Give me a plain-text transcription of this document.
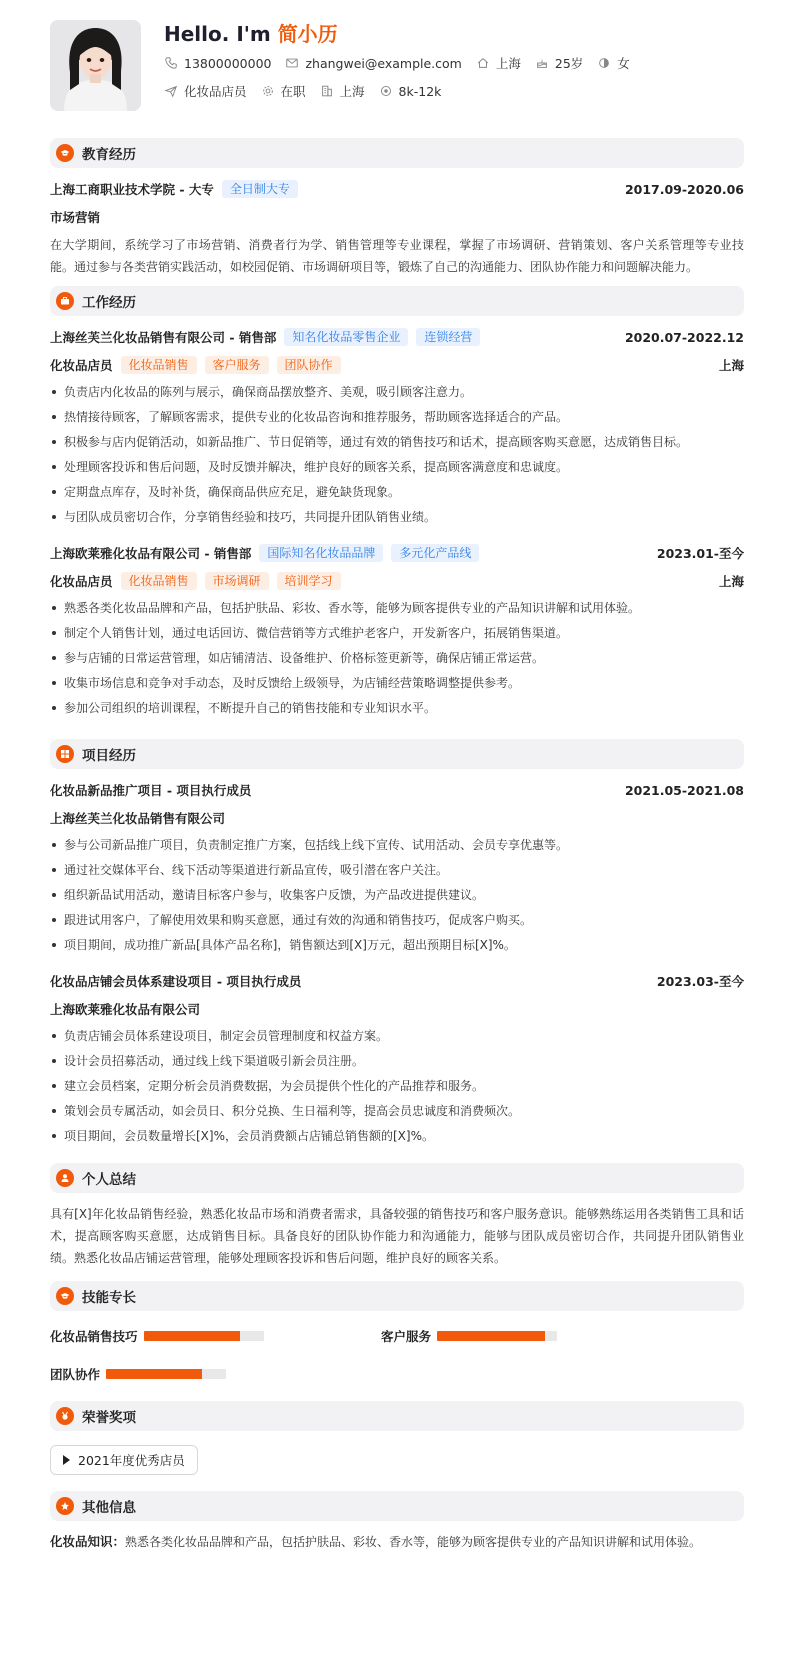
Hello. I'm 简小历
13800000000	zhangwei@example.com	上海	25岁	女
化妆品店员	在职	上海	8k-12k
教育经历
上海工商职业技术学院 - 大专	全日制大专	2017.09-2020.06
市场营销
在大学期间，系统学习了市场营销、消费者行为学、销售管理等专业课程，掌握了市场调研、营销策划、客户关系管理等专业技能。通过参与各类营销实践活动，如校园促销、市场调研项目等，锻炼了自己的沟通能力、团队协作能力和问题解决能力。
工作经历
上海丝芙兰化妆品销售有限公司 - 销售部	知名化妆品零售企业	连锁经营	2020.07-2022.12
化妆品店员	化妆品销售	客户服务	团队协作	上海
负责店内化妆品的陈列与展示，确保商品摆放整齐、美观，吸引顾客注意力。
热情接待顾客，了解顾客需求，提供专业的化妆品咨询和推荐服务，帮助顾客选择适合的产品。
积极参与店内促销活动，如新品推广、节日促销等，通过有效的销售技巧和话术，提高顾客购买意愿，达成销售目标。
处理顾客投诉和售后问题，及时反馈并解决，维护良好的顾客关系，提高顾客满意度和忠诚度。
定期盘点库存，及时补货，确保商品供应充足，避免缺货现象。
与团队成员密切合作，分享销售经验和技巧，共同提升团队销售业绩。
上海欧莱雅化妆品有限公司 - 销售部	国际知名化妆品品牌	多元化产品线	2023.01-至今
化妆品店员	化妆品销售	市场调研	培训学习	上海
熟悉各类化妆品品牌和产品，包括护肤品、彩妆、香水等，能够为顾客提供专业的产品知识讲解和试用体验。
制定个人销售计划，通过电话回访、微信营销等方式维护老客户，开发新客户，拓展销售渠道。
参与店铺的日常运营管理，如店铺清洁、设备维护、价格标签更新等，确保店铺正常运营。
收集市场信息和竞争对手动态，及时反馈给上级领导，为店铺经营策略调整提供参考。
参加公司组织的培训课程，不断提升自己的销售技能和专业知识水平。
项目经历
化妆品新品推广项目 - 项目执行成员	2021.05-2021.08
上海丝芙兰化妆品销售有限公司
参与公司新品推广项目，负责制定推广方案，包括线上线下宣传、试用活动、会员专享优惠等。
通过社交媒体平台、线下活动等渠道进行新品宣传，吸引潜在客户关注。
组织新品试用活动，邀请目标客户参与，收集客户反馈，为产品改进提供建议。
跟进试用客户，了解使用效果和购买意愿，通过有效的沟通和销售技巧，促成客户购买。
项目期间，成功推广新品[具体产品名称]，销售额达到[X]万元，超出预期目标[X]%。
化妆品店铺会员体系建设项目 - 项目执行成员	2023.03-至今
上海欧莱雅化妆品有限公司
负责店铺会员体系建设项目，制定会员管理制度和权益方案。
设计会员招募活动，通过线上线下渠道吸引新会员注册。
建立会员档案，定期分析会员消费数据，为会员提供个性化的产品推荐和服务。
策划会员专属活动，如会员日、积分兑换、生日福利等，提高会员忠诚度和消费频次。
项目期间，会员数量增长[X]%，会员消费额占店铺总销售额的[X]%。
个人总结
具有[X]年化妆品销售经验，熟悉化妆品市场和消费者需求，具备较强的销售技巧和客户服务意识。能够熟练运用各类销售工具和话术，提高顾客购买意愿，达成销售目标。具备良好的团队协作能力和沟通能力，能够与团队成员密切合作，共同提升团队销售业绩。熟悉化妆品店铺运营管理，能够处理顾客投诉和售后问题，维护良好的顾客关系。
技能专长
化妆品销售技巧	客户服务
团队协作
荣誉奖项
2021年度优秀店员
其他信息
化妆品知识：熟悉各类化妆品品牌和产品，包括护肤品、彩妆、香水等，能够为顾客提供专业的产品知识讲解和试用体验。
